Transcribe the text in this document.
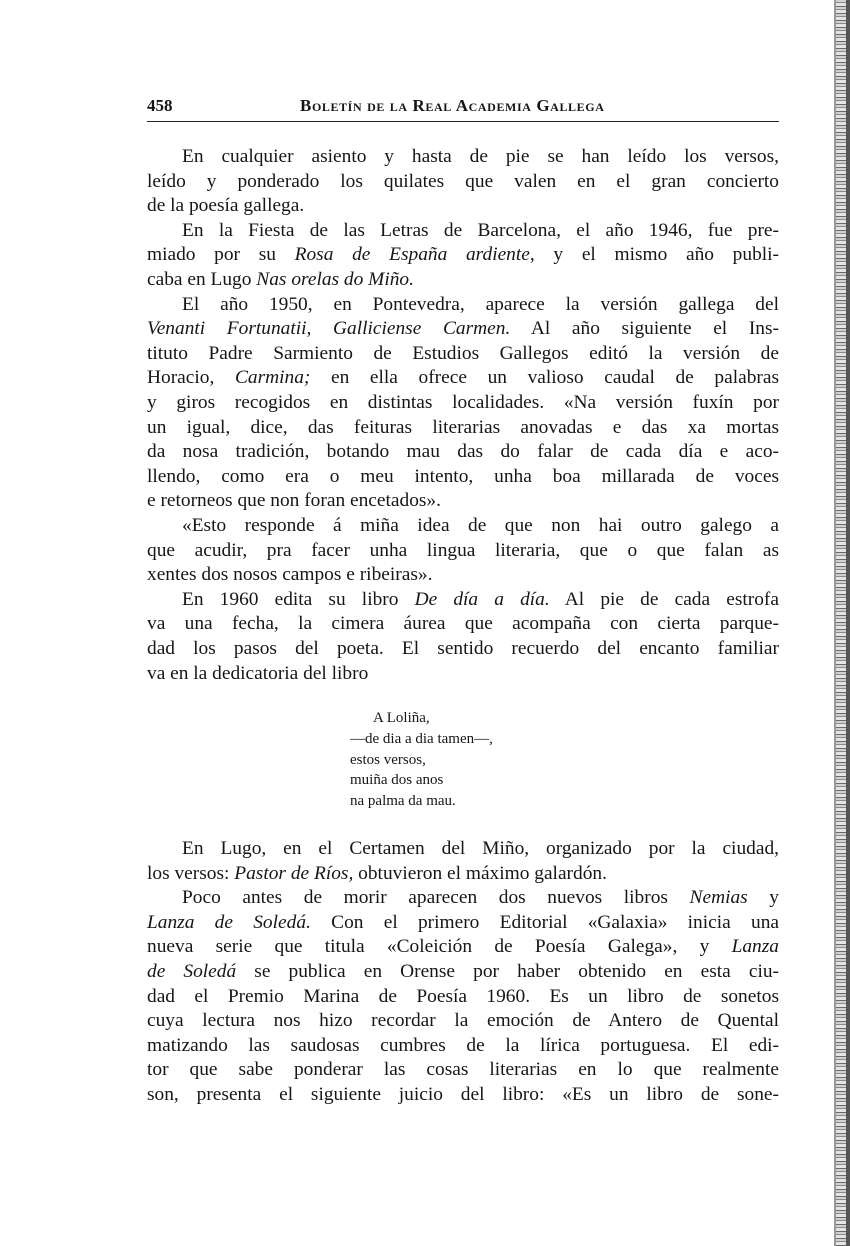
458	Boletín de la Real Academia Gallega
En cualquier asiento y hasta de pie se han leído los versos,
leído y ponderado los quilates que valen en el gran concierto
de la poesía gallega.
En la Fiesta de las Letras de Barcelona, el año 1946, fue pre-
miado por su Rosa de España ardiente, y el mismo año publi-
caba en Lugo Nas orelas do Miño.
El año 1950, en Pontevedra, aparece la versión gallega del
Venanti Fortunatii, Galliciense Carmen. Al año siguiente el Ins-
tituto Padre Sarmiento de Estudios Gallegos editó la versión de
Horacio, Carmina; en ella ofrece un valioso caudal de palabras
y giros recogidos en distintas localidades. «Na versión fuxín por
un igual, dice, das feituras literarias anovadas e das xa mortas
da nosa tradición, botando mau das do falar de cada día e aco-
llendo, como era o meu intento, unha boa millarada de voces
e retorneos que non foran encetados».
«Esto responde á miña idea de que non hai outro galego a
que acudir, pra facer unha lingua literaria, que o que falan as
xentes dos nosos campos e ribeiras».
En 1960 edita su libro De día a día. Al pie de cada estrofa
va una fecha, la cimera áurea que acompaña con cierta parque-
dad los pasos del poeta. El sentido recuerdo del encanto familiar
va en la dedicatoria del libro
A Loliña,
—de dia a dia tamen—,
estos versos,
muiña dos anos
na palma da mau.
En Lugo, en el Certamen del Miño, organizado por la ciudad,
los versos: Pastor de Ríos, obtuvieron el máximo galardón.
Poco antes de morir aparecen dos nuevos libros Nemias y
Lanza de Soledá. Con el primero Editorial «Galaxia» inicia una
nueva serie que titula «Coleición de Poesía Galega», y Lanza
de Soledá se publica en Orense por haber obtenido en esta ciu-
dad el Premio Marina de Poesía 1960. Es un libro de sonetos
cuya lectura nos hizo recordar la emoción de Antero de Quental
matizando las saudosas cumbres de la lírica portuguesa. El edi-
tor que sabe ponderar las cosas literarias en lo que realmente
son, presenta el siguiente juicio del libro: «Es un libro de sone-
